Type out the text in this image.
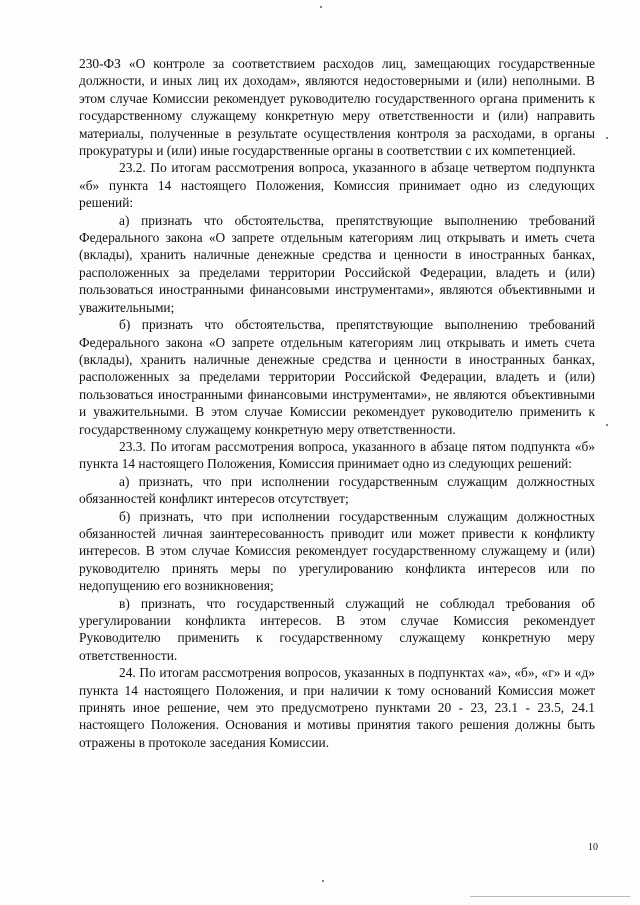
230-ФЗ «О контроле за соответствием расходов лиц, замещающих государственные должности, и иных лиц их доходам», являются недостоверными и (или) неполными. В этом случае Комиссии рекомендует руководителю государственного органа применить к государственному служащему конкретную меру ответственности и (или) направить материалы, полученные в результате осуществления контроля за расходами, в органы прокуратуры и (или) иные государственные органы в соответствии с их компетенцией.

23.2. По итогам рассмотрения вопроса, указанного в абзаце четвертом подпункта «б» пункта 14 настоящего Положения, Комиссия принимает одно из следующих решений:

а) признать что обстоятельства, препятствующие выполнению требований Федерального закона «О запрете отдельным категориям лиц открывать и иметь счета (вклады), хранить наличные денежные средства и ценности в иностранных банках, расположенных за пределами территории Российской Федерации, владеть и (или) пользоваться иностранными финансовыми инструментами», являются объективными и уважительными;

б) признать что обстоятельства, препятствующие выполнению требований Федерального закона «О запрете отдельным категориям лиц открывать и иметь счета (вклады), хранить наличные денежные средства и ценности в иностранных банках, расположенных за пределами территории Российской Федерации, владеть и (или) пользоваться иностранными финансовыми инструментами», не являются объективными и уважительными. В этом случае Комиссии рекомендует руководителю применить к государственному служащему конкретную меру ответственности.

23.3. По итогам рассмотрения вопроса, указанного в абзаце пятом подпункта «б» пункта 14 настоящего Положения, Комиссия принимает одно из следующих решений:

а) признать, что при исполнении государственным служащим должностных обязанностей конфликт интересов отсутствует;

б) признать, что при исполнении государственным служащим должностных обязанностей личная заинтересованность приводит или может привести к конфликту интересов. В этом случае Комиссия рекомендует государственному служащему и (или) руководителю принять меры по урегулированию конфликта интересов или по недопущению его возникновения;

в) признать, что государственный служащий не соблюдал требования об урегулировании конфликта интересов. В этом случае Комиссия рекомендует Руководителю применить к государственному служащему конкретную меру ответственности.

24. По итогам рассмотрения вопросов, указанных в подпунктах «а», «б», «г» и «д» пункта 14 настоящего Положения, и при наличии к тому оснований Комиссия может принять иное решение, чем это предусмотрено пунктами 20 - 23, 23.1 - 23.5, 24.1 настоящего Положения. Основания и мотивы принятия такого решения должны быть отражены в протоколе заседания Комиссии.

10
